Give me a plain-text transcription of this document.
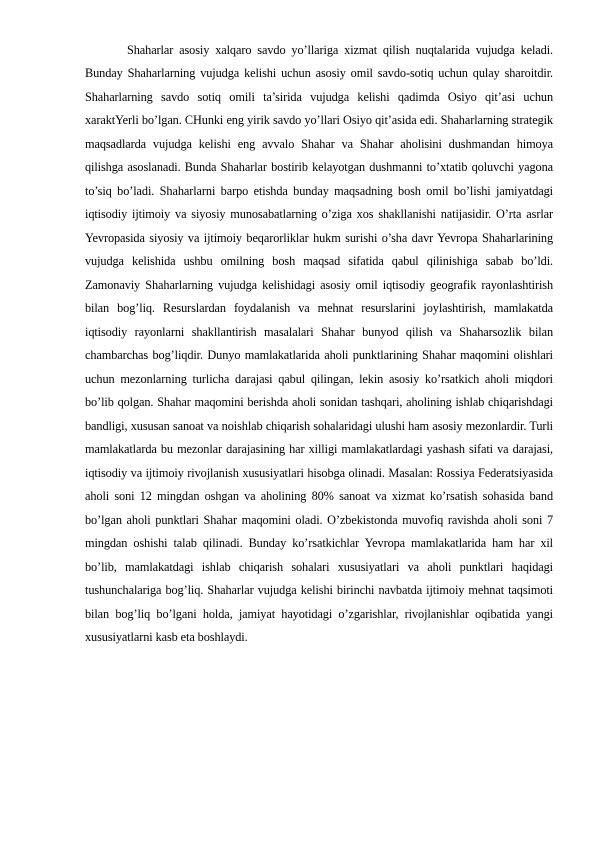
Shaharlar asosiy xalqaro savdo yo’llariga xizmat qilish nuqtalarida vujudga keladi. Bunday Shaharlarning vujudga kelishi uchun asosiy omil savdo-sotiq uchun qulay sharoitdir. Shaharlarning savdo sotiq omili ta’sirida vujudga kelishi qadimda Osiyo qit’asi uchun xaraktYerli bo’lgan. CHunki eng yirik savdo yo’llari Osiyo qit’asida edi. Shaharlarning strategik maqsadlarda vujudga kelishi eng avvalo Shahar va Shahar aholisini dushmandan himoya qilishga asoslanadi. Bunda Shaharlar bostirib kelayotgan dushmanni to’xtatib qoluvchi yagona to’siq bo’ladi. Shaharlarni barpo etishda bunday maqsadning bosh omil bo’lishi jamiyatdagi iqtisodiy ijtimoiy va siyosiy munosabatlarning o’ziga xos shakllanishi natijasidir. O’rta asrlar Yevropasida siyosiy va ijtimoiy beqarorliklar hukm surishi o’sha davr Yevropa Shaharlarining vujudga kelishida ushbu omilning bosh maqsad sifatida qabul qilinishiga sabab bo’ldi. Zamonaviy Shaharlarning vujudga kelishidagi asosiy omil iqtisodiy geografik rayonlashtirish bilan bog’liq. Resurslardan foydalanish va mehnat resurslarini joylashtirish, mamlakatda iqtisodiy rayonlarni shakllantirish masalalari Shahar bunyod qilish va Shaharsozlik bilan chambarchas bog’liqdir. Dunyo mamlakatlarida aholi punktlarining Shahar maqomini olishlari uchun mezonlarning turlicha darajasi qabul qilingan, lekin asosiy ko’rsatkich aholi miqdori bo’lib qolgan. Shahar maqomini berishda aholi sonidan tashqari, aholining ishlab chiqarishdagi bandligi, xususan sanoat va noishlab chiqarish sohalaridagi ulushi ham asosiy mezonlardir. Turli mamlakatlarda bu mezonlar darajasining har xilligi mamlakatlardagi yashash sifati va darajasi, iqtisodiy va ijtimoiy rivojlanish xususiyatlari hisobga olinadi. Masalan: Rossiya Federatsiyasida aholi soni 12 mingdan oshgan va aholining 80% sanoat va xizmat ko’rsatish sohasida band bo’lgan aholi punktlari Shahar maqomini oladi. O’zbekistonda muvofiq ravishda aholi soni 7 mingdan oshishi talab qilinadi. Bunday ko’rsatkichlar Yevropa mamlakatlarida ham har xil bo’lib, mamlakatdagi ishlab chiqarish sohalari xususiyatlari va aholi punktlari haqidagi tushunchalariga bog’liq. Shaharlar vujudga kelishi birinchi navbatda ijtimoiy mehnat taqsimoti bilan bog’liq bo’lgani holda, jamiyat hayotidagi o’zgarishlar, rivojlanishlar oqibatida yangi xususiyatlarni kasb eta boshlaydi.
